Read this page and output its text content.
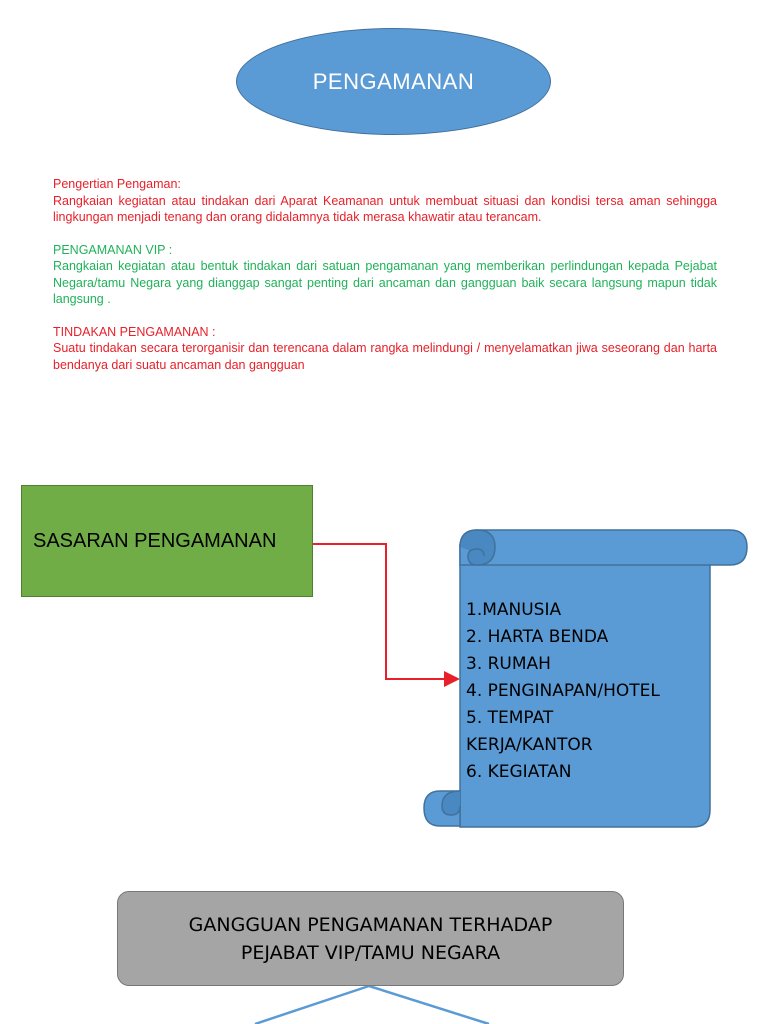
PENGAMANAN
Pengertian Pengaman:
Rangkaian kegiatan atau tindakan dari Aparat Keamanan untuk membuat situasi dan kondisi tersa aman sehingga lingkungan menjadi tenang dan orang didalamnya tidak merasa khawatir atau terancam.
PENGAMANAN VIP :
Rangkaian kegiatan atau bentuk tindakan dari satuan pengamanan yang memberikan perlindungan kepada Pejabat Negara/tamu Negara yang dianggap sangat penting dari ancaman dan gangguan baik secara langsung mapun tidak langsung .
TINDAKAN PENGAMANAN :
Suatu tindakan secara terorganisir dan terencana dalam rangka melindungi / menyelamatkan jiwa seseorang dan harta bendanya dari suatu ancaman dan gangguan
SASARAN PENGAMANAN
1.MANUSIA
2. HARTA BENDA
3. RUMAH
4. PENGINAPAN/HOTEL
5. TEMPAT
KERJA/KANTOR
6. KEGIATAN
GANGGUAN PENGAMANAN TERHADAP
PEJABAT VIP/TAMU NEGARA
